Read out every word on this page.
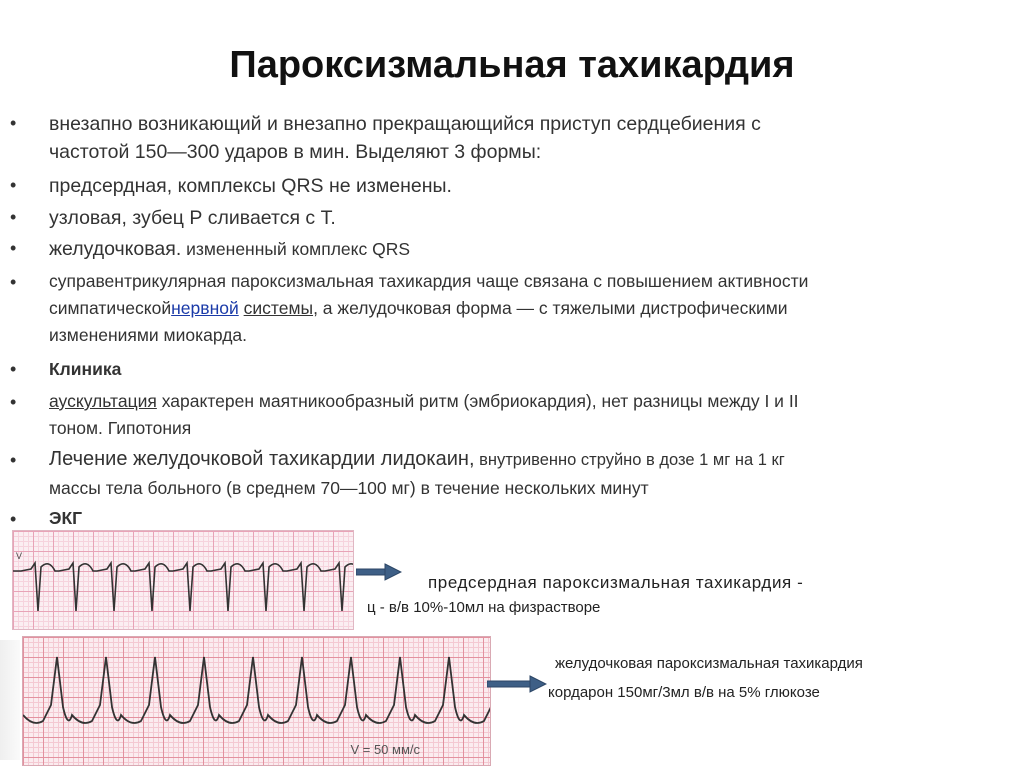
Пароксизмальная тахикардия
• внезапно возникающий и внезапно прекращающийся приступ сердцебиения с
частотой 150—300 ударов в мин. Выделяют 3 формы:
• предсердная, комплексы QRS не изменены.
• узловая, зубец Р сливается с Т.
• желудочковая. измененный комплекс QRS
• суправентрикулярная пароксизмальная тахикардия чаще связана с повышением активности
симпатическойнервной системы, а желудочковая форма — с тяжелыми дистрофическими
изменениями миокарда.
• Клиника
• аускультация характерен маятникообразный ритм (эмбриокардия), нет разницы между I и II
тоном. Гипотония
• Лечение желудочковой тахикардии лидокаин, внутривенно струйно в дозе 1 мг на 1 кг
массы тела больного (в среднем 70—100 мг) в течение нескольких минут
• ЭКГ
V
предсердная пароксизмальная тахикардия -
ц - в/в 10%-10мл на физрастворе
V = 50 мм/с
желудочковая пароксизмальная тахикардия
кордарон 150мг/3мл в/в на 5% глюкозе
